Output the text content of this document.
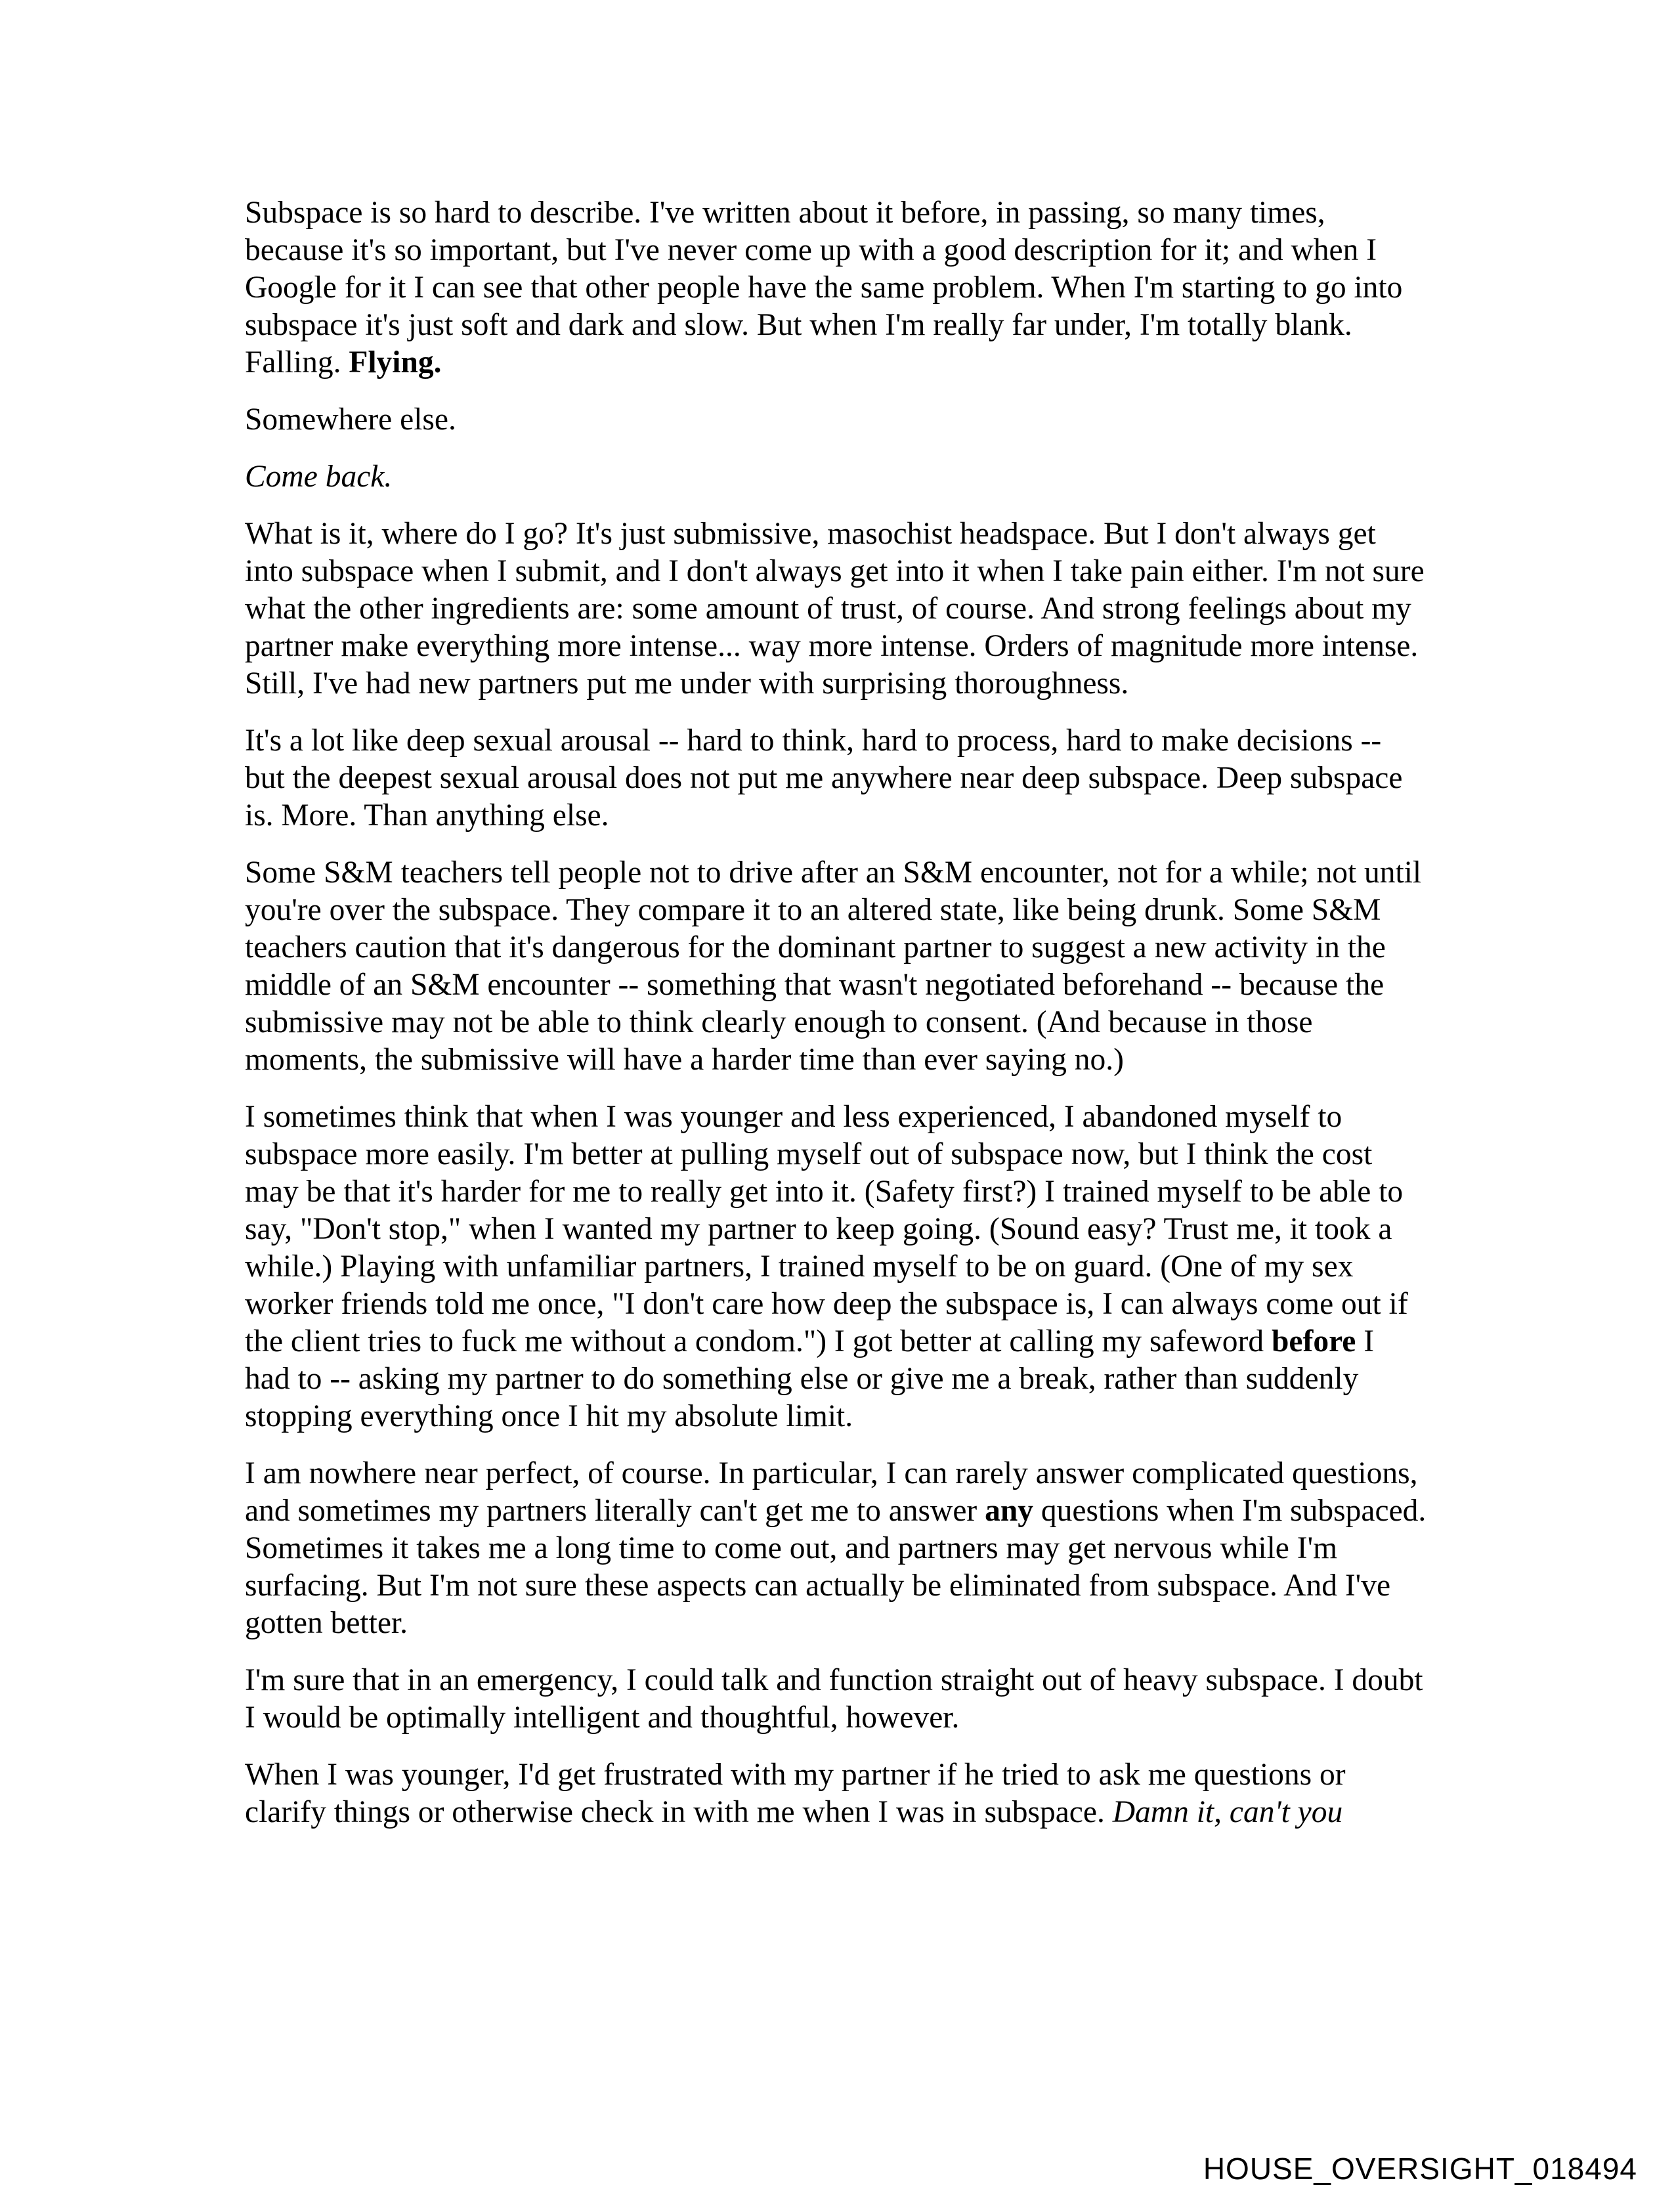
Subspace is so hard to describe. I've written about it before, in passing, so many times, because it's so important, but I've never come up with a good description for it; and when I Google for it I can see that other people have the same problem. When I'm starting to go into subspace it's just soft and dark and slow. But when I'm really far under, I'm totally blank. Falling. Flying.

Somewhere else.

Come back.

What is it, where do I go? It's just submissive, masochist headspace. But I don't always get into subspace when I submit, and I don't always get into it when I take pain either. I'm not sure what the other ingredients are: some amount of trust, of course. And strong feelings about my partner make everything more intense... way more intense. Orders of magnitude more intense. Still, I've had new partners put me under with surprising thoroughness.

It's a lot like deep sexual arousal -- hard to think, hard to process, hard to make decisions -- but the deepest sexual arousal does not put me anywhere near deep subspace. Deep subspace is. More. Than anything else.

Some S&M teachers tell people not to drive after an S&M encounter, not for a while; not until you're over the subspace. They compare it to an altered state, like being drunk. Some S&M teachers caution that it's dangerous for the dominant partner to suggest a new activity in the middle of an S&M encounter -- something that wasn't negotiated beforehand -- because the submissive may not be able to think clearly enough to consent. (And because in those moments, the submissive will have a harder time than ever saying no.)

I sometimes think that when I was younger and less experienced, I abandoned myself to subspace more easily. I'm better at pulling myself out of subspace now, but I think the cost may be that it's harder for me to really get into it. (Safety first?) I trained myself to be able to say, "Don't stop," when I wanted my partner to keep going. (Sound easy? Trust me, it took a while.) Playing with unfamiliar partners, I trained myself to be on guard. (One of my sex worker friends told me once, "I don't care how deep the subspace is, I can always come out if the client tries to fuck me without a condom.") I got better at calling my safeword before I had to -- asking my partner to do something else or give me a break, rather than suddenly stopping everything once I hit my absolute limit.

I am nowhere near perfect, of course. In particular, I can rarely answer complicated questions, and sometimes my partners literally can't get me to answer any questions when I'm subspaced. Sometimes it takes me a long time to come out, and partners may get nervous while I'm surfacing. But I'm not sure these aspects can actually be eliminated from subspace. And I've gotten better.

I'm sure that in an emergency, I could talk and function straight out of heavy subspace. I doubt I would be optimally intelligent and thoughtful, however.

When I was younger, I'd get frustrated with my partner if he tried to ask me questions or clarify things or otherwise check in with me when I was in subspace. Damn it, can't you

HOUSE_OVERSIGHT_018494
